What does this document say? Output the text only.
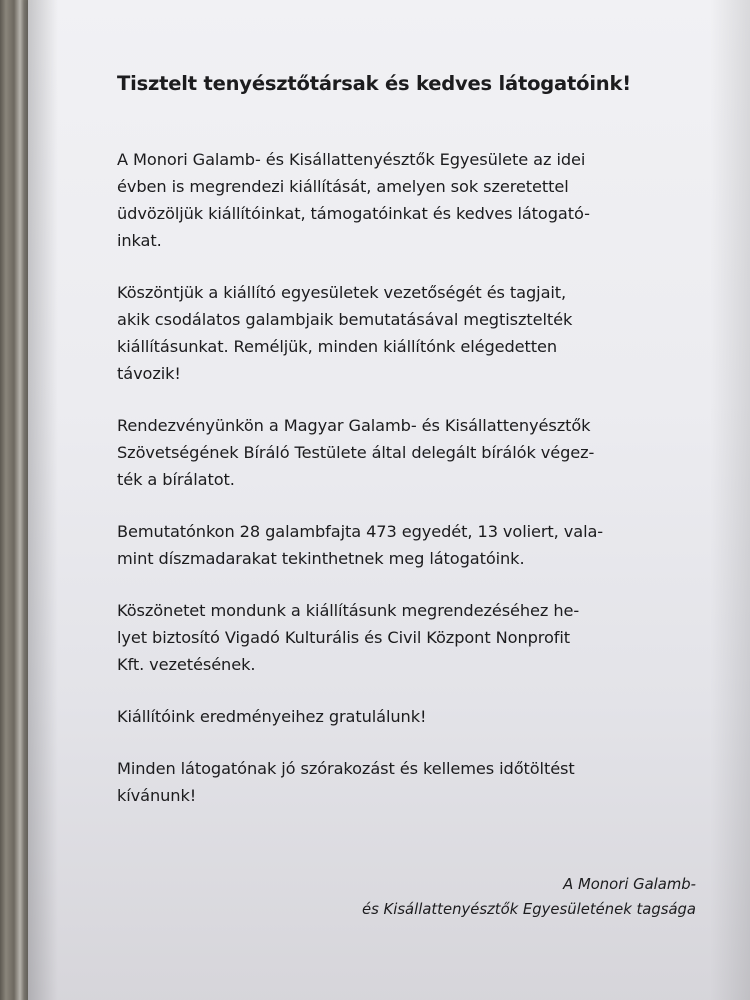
Tisztelt tenyésztőtársak és kedves látogatóink!
A Monori Galamb- és Kisállattenyésztők Egyesülete az idei
évben is megrendezi kiállítását, amelyen sok szeretettel
üdvözöljük kiállítóinkat, támogatóinkat és kedves látogató-
inkat.
Köszöntjük a kiállító egyesületek vezetőségét és tagjait,
akik csodálatos galambjaik bemutatásával megtisztelték
kiállításunkat. Reméljük, minden kiállítónk elégedetten
távozik!
Rendezvényünkön a Magyar Galamb- és Kisállattenyésztők
Szövetségének Bíráló Testülete által delegált bírálók végez-
ték a bírálatot.
Bemutatónkon 28 galambfajta 473 egyedét, 13 voliert, vala-
mint díszmadarakat tekinthetnek meg látogatóink.
Köszönetet mondunk a kiállításunk megrendezéséhez he-
lyet biztosító Vigadó Kulturális és Civil Központ Nonprofit
Kft. vezetésének.
Kiállítóink eredményeihez gratulálunk!
Minden látogatónak jó szórakozást és kellemes időtöltést
kívánunk!
A Monori Galamb-
és Kisállattenyésztők Egyesületének tagsága
